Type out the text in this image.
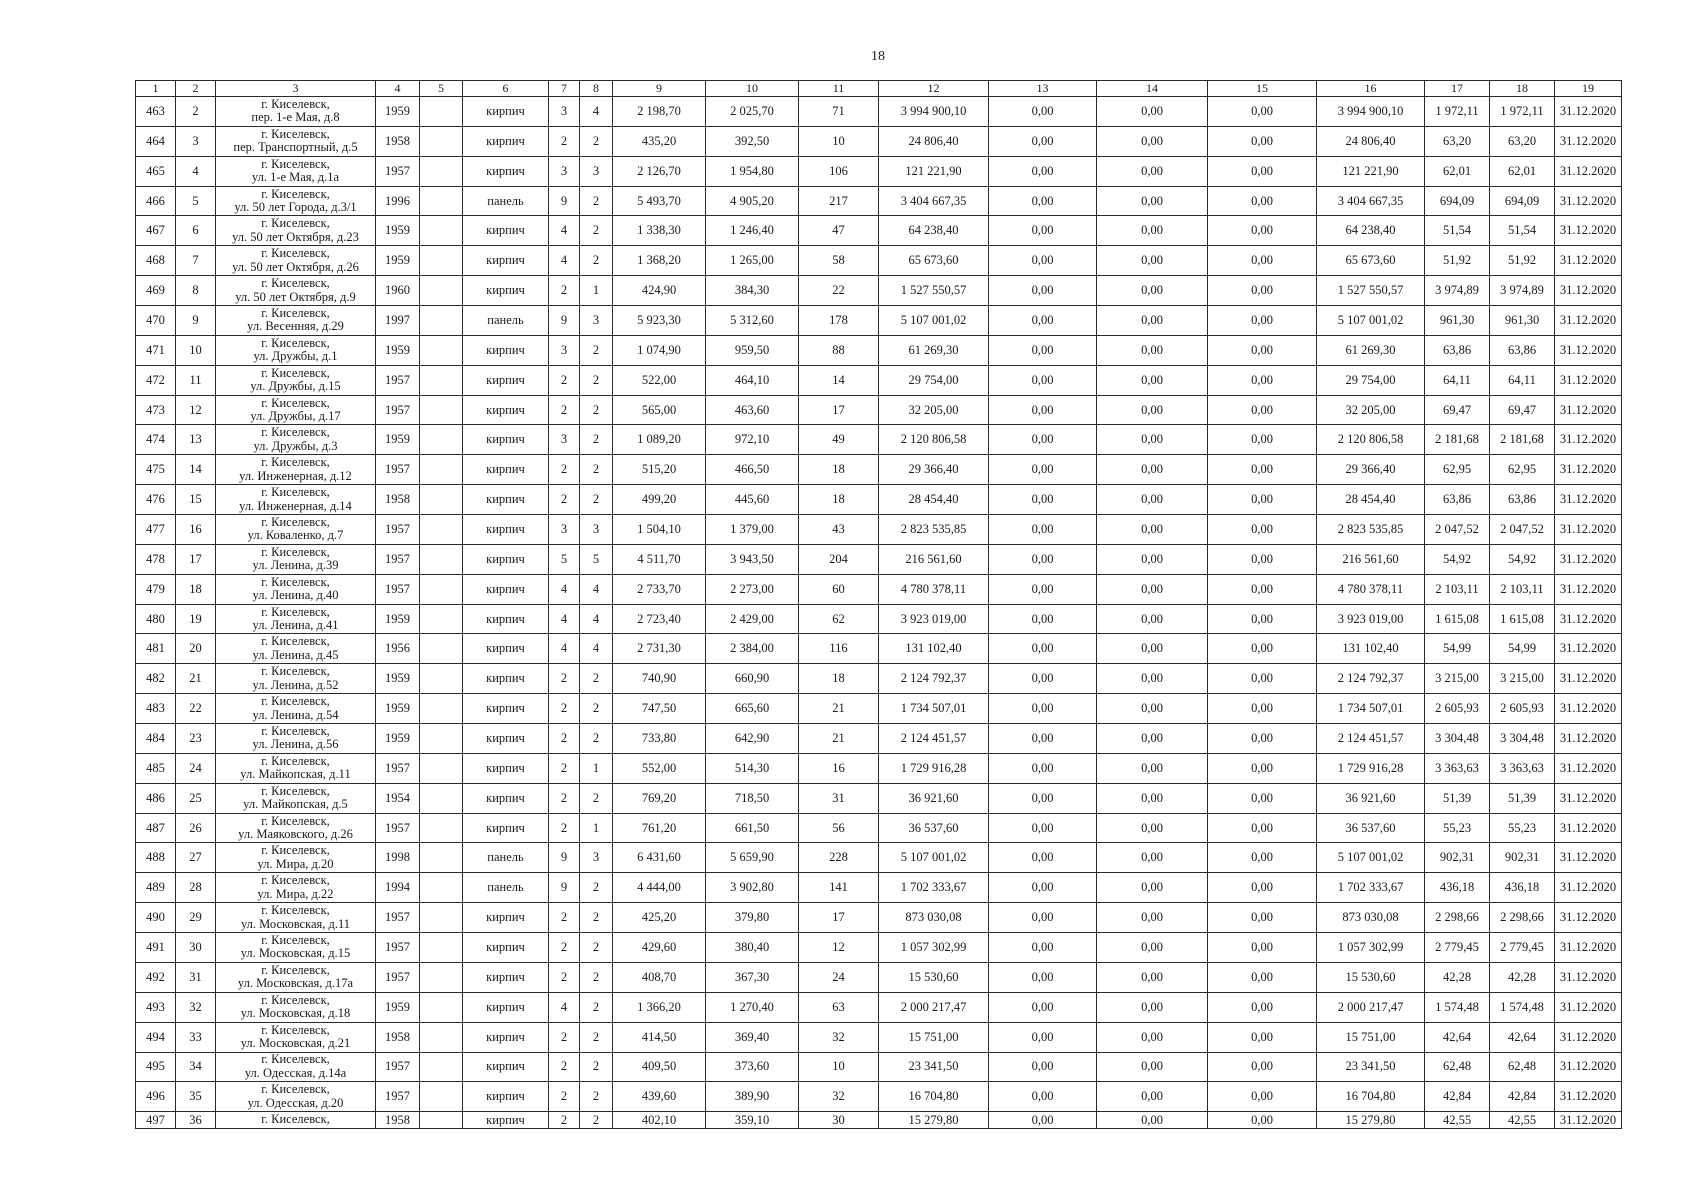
18
1	2	3	4	5	6	7	8	9	10	11	12	13	14	15	16	17	18	19
463	2	г. Киселевск,
пер. 1-е Мая, д.8	1959		кирпич	3	4	2 198,70	2 025,70	71	3 994 900,10	0,00	0,00	0,00	3 994 900,10	1 972,11	1 972,11	31.12.2020
464	3	г. Киселевск,
пер. Транспортный, д.5	1958		кирпич	2	2	435,20	392,50	10	24 806,40	0,00	0,00	0,00	24 806,40	63,20	63,20	31.12.2020
465	4	г. Киселевск,
ул. 1-е Мая, д.1а	1957		кирпич	3	3	2 126,70	1 954,80	106	121 221,90	0,00	0,00	0,00	121 221,90	62,01	62,01	31.12.2020
466	5	г. Киселевск,
ул. 50 лет Города, д.3/1	1996		панель	9	2	5 493,70	4 905,20	217	3 404 667,35	0,00	0,00	0,00	3 404 667,35	694,09	694,09	31.12.2020
467	6	г. Киселевск,
ул. 50 лет Октября, д.23	1959		кирпич	4	2	1 338,30	1 246,40	47	64 238,40	0,00	0,00	0,00	64 238,40	51,54	51,54	31.12.2020
468	7	г. Киселевск,
ул. 50 лет Октября, д.26	1959		кирпич	4	2	1 368,20	1 265,00	58	65 673,60	0,00	0,00	0,00	65 673,60	51,92	51,92	31.12.2020
469	8	г. Киселевск,
ул. 50 лет Октября, д.9	1960		кирпич	2	1	424,90	384,30	22	1 527 550,57	0,00	0,00	0,00	1 527 550,57	3 974,89	3 974,89	31.12.2020
470	9	г. Киселевск,
ул. Весенняя, д.29	1997		панель	9	3	5 923,30	5 312,60	178	5 107 001,02	0,00	0,00	0,00	5 107 001,02	961,30	961,30	31.12.2020
471	10	г. Киселевск,
ул. Дружбы, д.1	1959		кирпич	3	2	1 074,90	959,50	88	61 269,30	0,00	0,00	0,00	61 269,30	63,86	63,86	31.12.2020
472	11	г. Киселевск,
ул. Дружбы, д.15	1957		кирпич	2	2	522,00	464,10	14	29 754,00	0,00	0,00	0,00	29 754,00	64,11	64,11	31.12.2020
473	12	г. Киселевск,
ул. Дружбы, д.17	1957		кирпич	2	2	565,00	463,60	17	32 205,00	0,00	0,00	0,00	32 205,00	69,47	69,47	31.12.2020
474	13	г. Киселевск,
ул. Дружбы, д.3	1959		кирпич	3	2	1 089,20	972,10	49	2 120 806,58	0,00	0,00	0,00	2 120 806,58	2 181,68	2 181,68	31.12.2020
475	14	г. Киселевск,
ул. Инженерная, д.12	1957		кирпич	2	2	515,20	466,50	18	29 366,40	0,00	0,00	0,00	29 366,40	62,95	62,95	31.12.2020
476	15	г. Киселевск,
ул. Инженерная, д.14	1958		кирпич	2	2	499,20	445,60	18	28 454,40	0,00	0,00	0,00	28 454,40	63,86	63,86	31.12.2020
477	16	г. Киселевск,
ул. Коваленко, д.7	1957		кирпич	3	3	1 504,10	1 379,00	43	2 823 535,85	0,00	0,00	0,00	2 823 535,85	2 047,52	2 047,52	31.12.2020
478	17	г. Киселевск,
ул. Ленина, д.39	1957		кирпич	5	5	4 511,70	3 943,50	204	216 561,60	0,00	0,00	0,00	216 561,60	54,92	54,92	31.12.2020
479	18	г. Киселевск,
ул. Ленина, д.40	1957		кирпич	4	4	2 733,70	2 273,00	60	4 780 378,11	0,00	0,00	0,00	4 780 378,11	2 103,11	2 103,11	31.12.2020
480	19	г. Киселевск,
ул. Ленина, д.41	1959		кирпич	4	4	2 723,40	2 429,00	62	3 923 019,00	0,00	0,00	0,00	3 923 019,00	1 615,08	1 615,08	31.12.2020
481	20	г. Киселевск,
ул. Ленина, д.45	1956		кирпич	4	4	2 731,30	2 384,00	116	131 102,40	0,00	0,00	0,00	131 102,40	54,99	54,99	31.12.2020
482	21	г. Киселевск,
ул. Ленина, д.52	1959		кирпич	2	2	740,90	660,90	18	2 124 792,37	0,00	0,00	0,00	2 124 792,37	3 215,00	3 215,00	31.12.2020
483	22	г. Киселевск,
ул. Ленина, д.54	1959		кирпич	2	2	747,50	665,60	21	1 734 507,01	0,00	0,00	0,00	1 734 507,01	2 605,93	2 605,93	31.12.2020
484	23	г. Киселевск,
ул. Ленина, д.56	1959		кирпич	2	2	733,80	642,90	21	2 124 451,57	0,00	0,00	0,00	2 124 451,57	3 304,48	3 304,48	31.12.2020
485	24	г. Киселевск,
ул. Майкопская, д.11	1957		кирпич	2	1	552,00	514,30	16	1 729 916,28	0,00	0,00	0,00	1 729 916,28	3 363,63	3 363,63	31.12.2020
486	25	г. Киселевск,
ул. Майкопская, д.5	1954		кирпич	2	2	769,20	718,50	31	36 921,60	0,00	0,00	0,00	36 921,60	51,39	51,39	31.12.2020
487	26	г. Киселевск,
ул. Маяковского, д.26	1957		кирпич	2	1	761,20	661,50	56	36 537,60	0,00	0,00	0,00	36 537,60	55,23	55,23	31.12.2020
488	27	г. Киселевск,
ул. Мира, д.20	1998		панель	9	3	6 431,60	5 659,90	228	5 107 001,02	0,00	0,00	0,00	5 107 001,02	902,31	902,31	31.12.2020
489	28	г. Киселевск,
ул. Мира, д.22	1994		панель	9	2	4 444,00	3 902,80	141	1 702 333,67	0,00	0,00	0,00	1 702 333,67	436,18	436,18	31.12.2020
490	29	г. Киселевск,
ул. Московская, д.11	1957		кирпич	2	2	425,20	379,80	17	873 030,08	0,00	0,00	0,00	873 030,08	2 298,66	2 298,66	31.12.2020
491	30	г. Киселевск,
ул. Московская, д.15	1957		кирпич	2	2	429,60	380,40	12	1 057 302,99	0,00	0,00	0,00	1 057 302,99	2 779,45	2 779,45	31.12.2020
492	31	г. Киселевск,
ул. Московская, д.17а	1957		кирпич	2	2	408,70	367,30	24	15 530,60	0,00	0,00	0,00	15 530,60	42,28	42,28	31.12.2020
493	32	г. Киселевск,
ул. Московская, д.18	1959		кирпич	4	2	1 366,20	1 270,40	63	2 000 217,47	0,00	0,00	0,00	2 000 217,47	1 574,48	1 574,48	31.12.2020
494	33	г. Киселевск,
ул. Московская, д.21	1958		кирпич	2	2	414,50	369,40	32	15 751,00	0,00	0,00	0,00	15 751,00	42,64	42,64	31.12.2020
495	34	г. Киселевск,
ул. Одесская, д.14а	1957		кирпич	2	2	409,50	373,60	10	23 341,50	0,00	0,00	0,00	23 341,50	62,48	62,48	31.12.2020
496	35	г. Киселевск,
ул. Одесская, д.20	1957		кирпич	2	2	439,60	389,90	32	16 704,80	0,00	0,00	0,00	16 704,80	42,84	42,84	31.12.2020
497	36	г. Киселевск,	1958		кирпич	2	2	402,10	359,10	30	15 279,80	0,00	0,00	0,00	15 279,80	42,55	42,55	31.12.2020
